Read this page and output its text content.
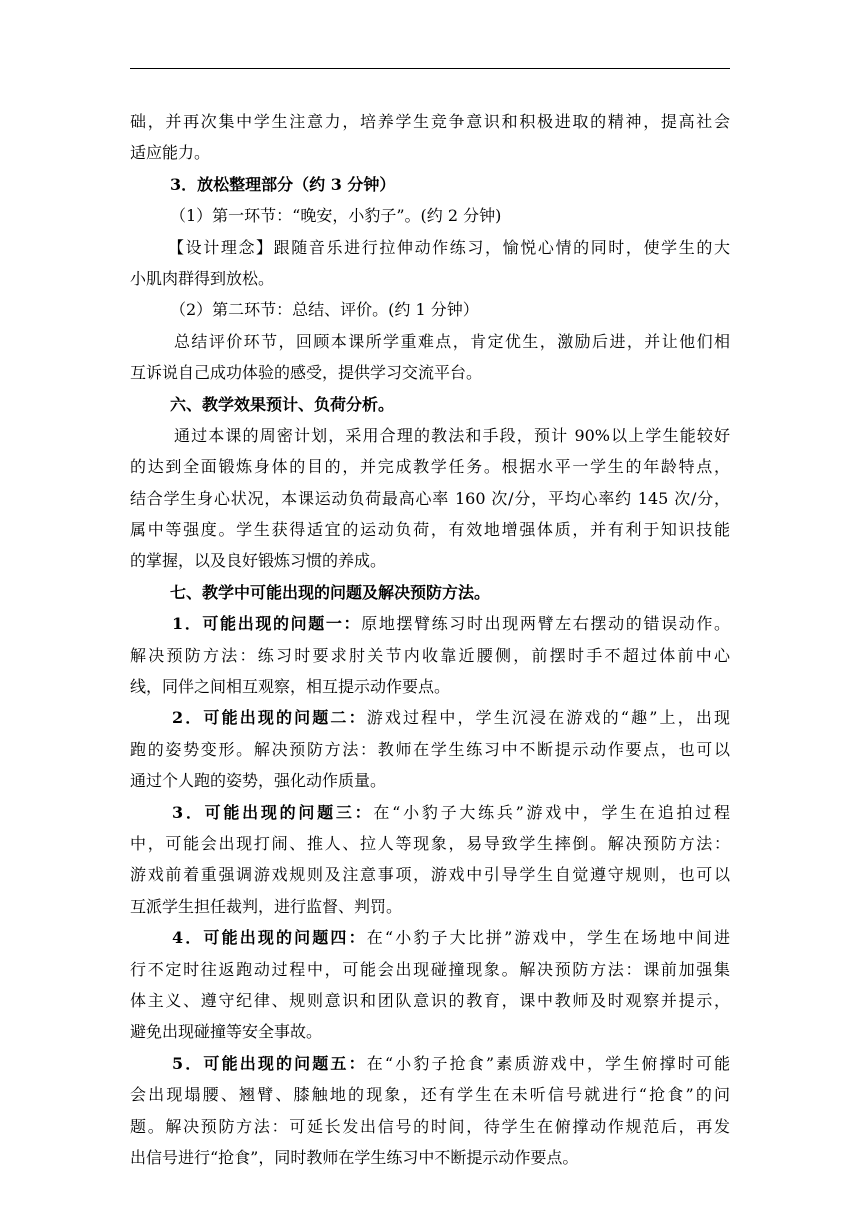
础，并再次集中学生注意力，培养学生竞争意识和积极进取的精神，提高社会
适应能力。
3．放松整理部分（约 3 分钟）
（1）第一环节：“晚安，小豹子”。(约 2 分钟)
【设计理念】跟随音乐进行拉伸动作练习，愉悦心情的同时，使学生的大
小肌肉群得到放松。
（2）第二环节：总结、评价。(约 1 分钟）
总结评价环节，回顾本课所学重难点，肯定优生，激励后进，并让他们相
互诉说自己成功体验的感受，提供学习交流平台。
六、教学效果预计、负荷分析。
通过本课的周密计划，采用合理的教法和手段，预计 90%以上学生能较好
的达到全面锻炼身体的目的，并完成教学任务。根据水平一学生的年龄特点，
结合学生身心状况，本课运动负荷最高心率 160 次/分，平均心率约 145 次/分，
属中等强度。学生获得适宜的运动负荷，有效地增强体质，并有利于知识技能
的掌握，以及良好锻炼习惯的养成。
七、教学中可能出现的问题及解决预防方法。
1．可能出现的问题一：原地摆臂练习时出现两臂左右摆动的错误动作。
解决预防方法：练习时要求肘关节内收靠近腰侧，前摆时手不超过体前中心
线，同伴之间相互观察，相互提示动作要点。
2．可能出现的问题二：游戏过程中，学生沉浸在游戏的“趣”上，出现
跑的姿势变形。解决预防方法：教师在学生练习中不断提示动作要点，也可以
通过个人跑的姿势，强化动作质量。
3．可能出现的问题三：在“小豹子大练兵”游戏中，学生在追拍过程
中，可能会出现打闹、推人、拉人等现象，易导致学生摔倒。解决预防方法：
游戏前着重强调游戏规则及注意事项，游戏中引导学生自觉遵守规则，也可以
互派学生担任裁判，进行监督、判罚。
4．可能出现的问题四：在“小豹子大比拼”游戏中，学生在场地中间进
行不定时往返跑动过程中，可能会出现碰撞现象。解决预防方法：课前加强集
体主义、遵守纪律、规则意识和团队意识的教育，课中教师及时观察并提示，
避免出现碰撞等安全事故。
5．可能出现的问题五：在“小豹子抢食”素质游戏中，学生俯撑时可能
会出现塌腰、翘臂、膝触地的现象，还有学生在未听信号就进行“抢食”的问
题。解决预防方法：可延长发出信号的时间，待学生在俯撑动作规范后，再发
出信号进行“抢食”，同时教师在学生练习中不断提示动作要点。
